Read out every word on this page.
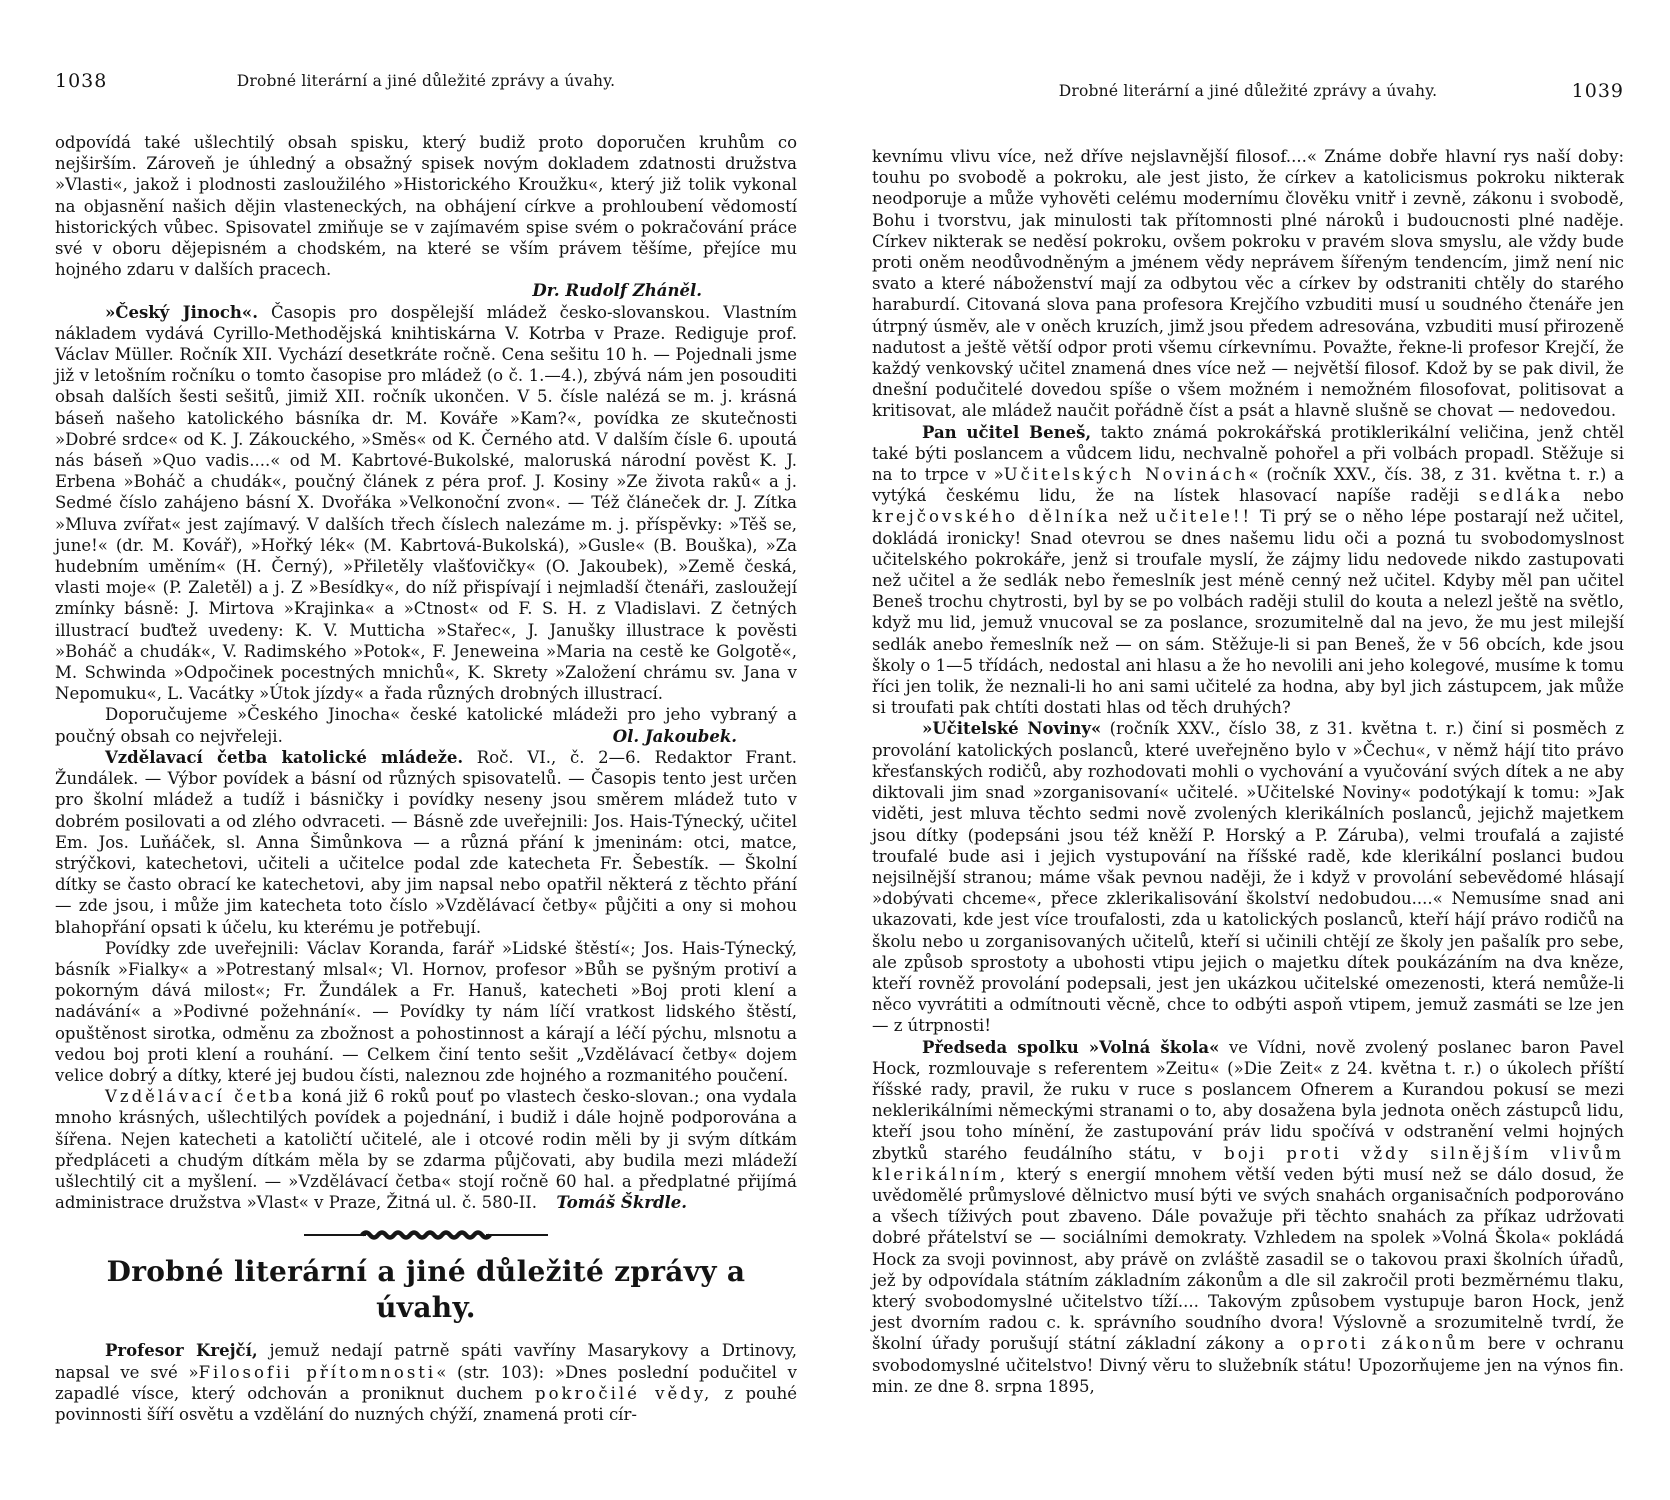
1038	Drobné literární a jiné důležité zprávy a úvahy.

odpovídá také ušlechtilý obsah spisku, který budiž proto doporučen kruhům co nejširším. Zároveň je úhledný a obsažný spisek novým dokladem zdatnosti družstva »Vlasti«, jakož i plodnosti zasloužilého »Historického Kroužku«, který již tolik vykonal na objasnění našich dějin vlasteneckých, na obhájení církve a prohloubení vědomostí historických vůbec. Spisovatel zmiňuje se v zajímavém spise svém o pokračování práce své v oboru dějepisném a chodském, na které se vším právem těšíme, přejíce mu hojného zdaru v dalších pracech.

Dr. Rudolf Zháněl.

»Český Jinoch«. Časopis pro dospělejší mládež česko-slovanskou. Vlastním nákladem vydává Cyrillo-Methodějská knihtiskárna V. Kotrba v Praze. Rediguje prof. Václav Müller. Ročník XII. Vychází desetkráte ročně. Cena sešitu 10 h. — Pojednali jsme již v letošním ročníku o tomto časopise pro mládež (o č. 1.—4.), zbývá nám jen posouditi obsah dalších šesti sešitů, jimiž XII. ročník ukončen. V 5. čísle nalézá se m. j. krásná báseň našeho katolického básníka dr. M. Kováře »Kam?«, povídka ze skutečnosti »Dobré srdce« od K. J. Zákouckého, »Směs« od K. Černého atd. V dalším čísle 6. upoutá nás báseň »Quo vadis....« od M. Kabrtové-Bukolské, maloruská národní pověst K. J. Erbena »Boháč a chudák«, poučný článek z péra prof. J. Kosiny »Ze života raků« a j. Sedmé číslo zahájeno básní X. Dvořáka »Velkonoční zvon«. — Též článeček dr. J. Zítka »Mluva zvířat« jest zajímavý. V dalších třech číslech nalezáme m. j. příspěvky: »Těš se, june!« (dr. M. Kovář), »Hořký lék« (M. Kabrtová-Bukolská), »Gusle« (B. Bouška), »Za hudebním uměním« (H. Černý), »Přiletěly vlašťovičky« (O. Jakoubek), »Země česká, vlasti moje« (P. Zaletěl) a j. Z »Besídky«, do níž přispívají i nejmladší čtenáři, zasloužejí zmínky básně: J. Mirtova »Krajinka« a »Ctnost« od F. S. H. z Vladislavi. Z četných illustrací buďtež uvedeny: K. V. Mutticha »Stařec«, J. Janušky illustrace k pověsti »Boháč a chudák«, V. Radimského »Potok«, F. Jeneweina »Maria na cestě ke Golgotě«, M. Schwinda »Odpočinek pocestných mnichů«, K. Skrety »Založení chrámu sv. Jana v Nepomuku«, L. Vacátky »Útok jízdy« a řada různých drobných illustrací.

Doporučujeme »Českého Jinocha« české katolické mládeži pro jeho vybraný a poučný obsah co nejvřeleji.	Ol. Jakoubek.

Vzdělavací četba katolické mládeže. Roč. VI., č. 2—6. Redaktor Frant. Žundálek. — Výbor povídek a básní od různých spisovatelů. — Časopis tento jest určen pro školní mládež a tudíž i básničky i povídky neseny jsou směrem mládež tuto v dobrém posilovati a od zlého odvraceti. — Básně zde uveřejnili: Jos. Hais-Týnecký, učitel Em. Jos. Luňáček, sl. Anna Šimůnkova — a různá přání k jmeninám: otci, matce, strýčkovi, katechetovi, učiteli a učitelce podal zde katecheta Fr. Šebestík. — Školní dítky se často obrací ke katechetovi, aby jim napsal nebo opatřil některá z těchto přání — zde jsou, i může jim katecheta toto číslo »Vzdělávací četby« půjčiti a ony si mohou blahopřání opsati k účelu, ku kterému je potřebují.

Povídky zde uveřejnili: Václav Koranda, farář »Lidské štěstí«; Jos. Hais-Týnecký, básník »Fialky« a »Potrestaný mlsal«; Vl. Hornov, profesor »Bůh se pyšným protiví a pokorným dává milost«; Fr. Žundálek a Fr. Hanuš, katecheti »Boj proti klení a nadávání« a »Podivné požehnání«. — Povídky ty nám líčí vratkost lidského štěstí, opuštěnost sirotka, odměnu za zbožnost a pohostinnost a kárají a léčí pýchu, mlsnotu a vedou boj proti klení a rouhání. — Celkem činí tento sešit „Vzdělávací četby« dojem velice dobrý a dítky, které jej budou čísti, naleznou zde hojného a rozmanitého poučení.

Vzdělávací četba koná již 6 roků pouť po vlastech česko-slovan.; ona vydala mnoho krásných, ušlechtilých povídek a pojednání, i budiž i dále hojně podporována a šířena. Nejen katecheti a katoličtí učitelé, ale i otcové rodin měli by ji svým dítkám předpláceti a chudým dítkám měla by se zdarma půjčovati, aby budila mezi mládeží ušlechtilý cit a myšlení. — »Vzdělávací četba« stojí ročně 60 hal. a předplatné přijímá administrace družstva »Vlast« v Praze, Žitná ul. č. 580-II.	Tomáš Škrdle.
Drobné literární a jiné důležité zprávy a úvahy.

Profesor Krejčí, jemuž nedají patrně spáti vavříny Masarykovy a Drtinovy, napsal ve své »Filosofii přítomnosti« (str. 103): »Dnes poslední podučitel v zapadlé vísce, který odchován a proniknut duchem pokročilé vědy, z pouhé povinnosti šíří osvětu a vzdělání do nuzných chýží, znamená proti cír-

Drobné literární a jiné důležité zprávy a úvahy.	1039

kevnímu vlivu více, než dříve nejslavnější filosof....« Známe dobře hlavní rys naší doby: touhu po svobodě a pokroku, ale jest jisto, že církev a katolicismus pokroku nikterak neodporuje a může vyhověti celému modernímu člověku vnitř i zevně, zákonu i svobodě, Bohu i tvorstvu, jak minulosti tak přítomnosti plné nároků i budoucnosti plné naděje. Církev nikterak se neděsí pokroku, ovšem pokroku v pravém slova smyslu, ale vždy bude proti oněm neodůvodněným a jménem vědy neprávem šířeným tendencím, jimž není nic svato a které náboženství mají za odbytou věc a církev by odstraniti chtěly do starého haraburdí. Citovaná slova pana profesora Krejčího vzbuditi musí u soudného čtenáře jen útrpný úsměv, ale v oněch kruzích, jimž jsou předem adresována, vzbuditi musí přirozeně nadutost a ještě větší odpor proti všemu církevnímu. Považte, řekne-li profesor Krejčí, že každý venkovský učitel znamená dnes více než — největší filosof. Kdož by se pak divil, že dnešní podučitelé dovedou spíše o všem možném i nemožném filosofovat, politisovat a kritisovat, ale mládež naučit pořádně číst a psát a hlavně slušně se chovat — nedovedou.

Pan učitel Beneš, takto známá pokrokářská protiklerikální veličina, jenž chtěl také býti poslancem a vůdcem lidu, nechvalně pohořel a při volbách propadl. Stěžuje si na to trpce v »Učitelských Novinách« (ročník XXV., čís. 38, z 31. května t. r.) a vytýká českému lidu, že na lístek hlasovací napíše raději sedláka nebo krejčovského dělníka než učitele!! Ti prý se o něho lépe postarají než učitel, dokládá ironicky! Snad otevrou se dnes našemu lidu oči a pozná tu svobodomyslnost učitelského pokrokáře, jenž si troufale myslí, že zájmy lidu nedovede nikdo zastupovati než učitel a že sedlák nebo řemeslník jest méně cenný než učitel. Kdyby měl pan učitel Beneš trochu chytrosti, byl by se po volbách raději stulil do kouta a nelezl ještě na světlo, když mu lid, jemuž vnucoval se za poslance, srozumitelně dal na jevo, že mu jest milejší sedlák anebo řemeslník než — on sám. Stěžuje-li si pan Beneš, že v 56 obcích, kde jsou školy o 1—5 třídách, nedostal ani hlasu a že ho nevolili ani jeho kolegové, musíme k tomu říci jen tolik, že neznali-li ho ani sami učitelé za hodna, aby byl jich zástupcem, jak může si troufati pak chtíti dostati hlas od těch druhých?

»Učitelské Noviny« (ročník XXV., číslo 38, z 31. května t. r.) činí si posměch z provolání katolických poslanců, které uveřejněno bylo v »Čechu«, v němž hájí tito právo křesťanských rodičů, aby rozhodovati mohli o vychování a vyučování svých dítek a ne aby diktovali jim snad »zorganisovaní« učitelé. »Učitelské Noviny« podotýkají k tomu: »Jak viděti, jest mluva těchto sedmi nově zvolených klerikálních poslanců, jejichž majetkem jsou dítky (podepsáni jsou též kněží P. Horský a P. Záruba), velmi troufalá a zajisté troufalé bude asi i jejich vystupování na říšské radě, kde klerikální poslanci budou nejsilnější stranou; máme však pevnou naději, že i když v provolání sebevědomé hlásají »dobývati chceme«, přece zklerikalisování školství nedobudou....« Nemusíme snad ani ukazovati, kde jest více troufalosti, zda u katolických poslanců, kteří hájí právo rodičů na školu nebo u zorganisovaných učitelů, kteří si učinili chtějí ze školy jen pašalík pro sebe, ale způsob sprostoty a ubohosti vtipu jejich o majetku dítek poukázáním na dva kněze, kteří rovněž provolání podepsali, jest jen ukázkou učitelské omezenosti, která nemůže-li něco vyvrátiti a odmítnouti věcně, chce to odbýti aspoň vtipem, jemuž zasmáti se lze jen — z útrpnosti!

Předseda spolku »Volná škola« ve Vídni, nově zvolený poslanec baron Pavel Hock, rozmlouvaje s referentem »Zeitu« (»Die Zeit« z 24. května t. r.) o úkolech příští říšské rady, pravil, že ruku v ruce s poslancem Ofnerem a Kurandou pokusí se mezi neklerikálními německými stranami o to, aby dosažena byla jednota oněch zástupců lidu, kteří jsou toho mínění, že zastupování práv lidu spočívá v odstranění velmi hojných zbytků starého feudálního státu, v boji proti vždy silnějším vlivům klerikálním, který s energií mnohem větší veden býti musí než se dálo dosud, že uvědomělé průmyslové dělnictvo musí býti ve svých snahách organisačních podporováno a všech tíživých pout zbaveno. Dále považuje při těchto snahách za příkaz udržovati dobré přátelství se — sociálními demokraty. Vzhledem na spolek »Volná Škola« pokládá Hock za svoji povinnost, aby právě on zvláště zasadil se o takovou praxi školních úřadů, jež by odpovídala státním základním zákonům a dle sil zakročil proti bezměrnému tlaku, který svobodomyslné učitelstvo tíží.... Takovým způsobem vystupuje baron Hock, jenž jest dvorním radou c. k. správního soudního dvora! Výslovně a srozumitelně tvrdí, že školní úřady porušují státní základní zákony a oproti zákonům bere v ochranu svobodomyslné učitelstvo! Divný věru to služebník státu! Upozorňujeme jen na výnos fin. min. ze dne 8. srpna 1895,
